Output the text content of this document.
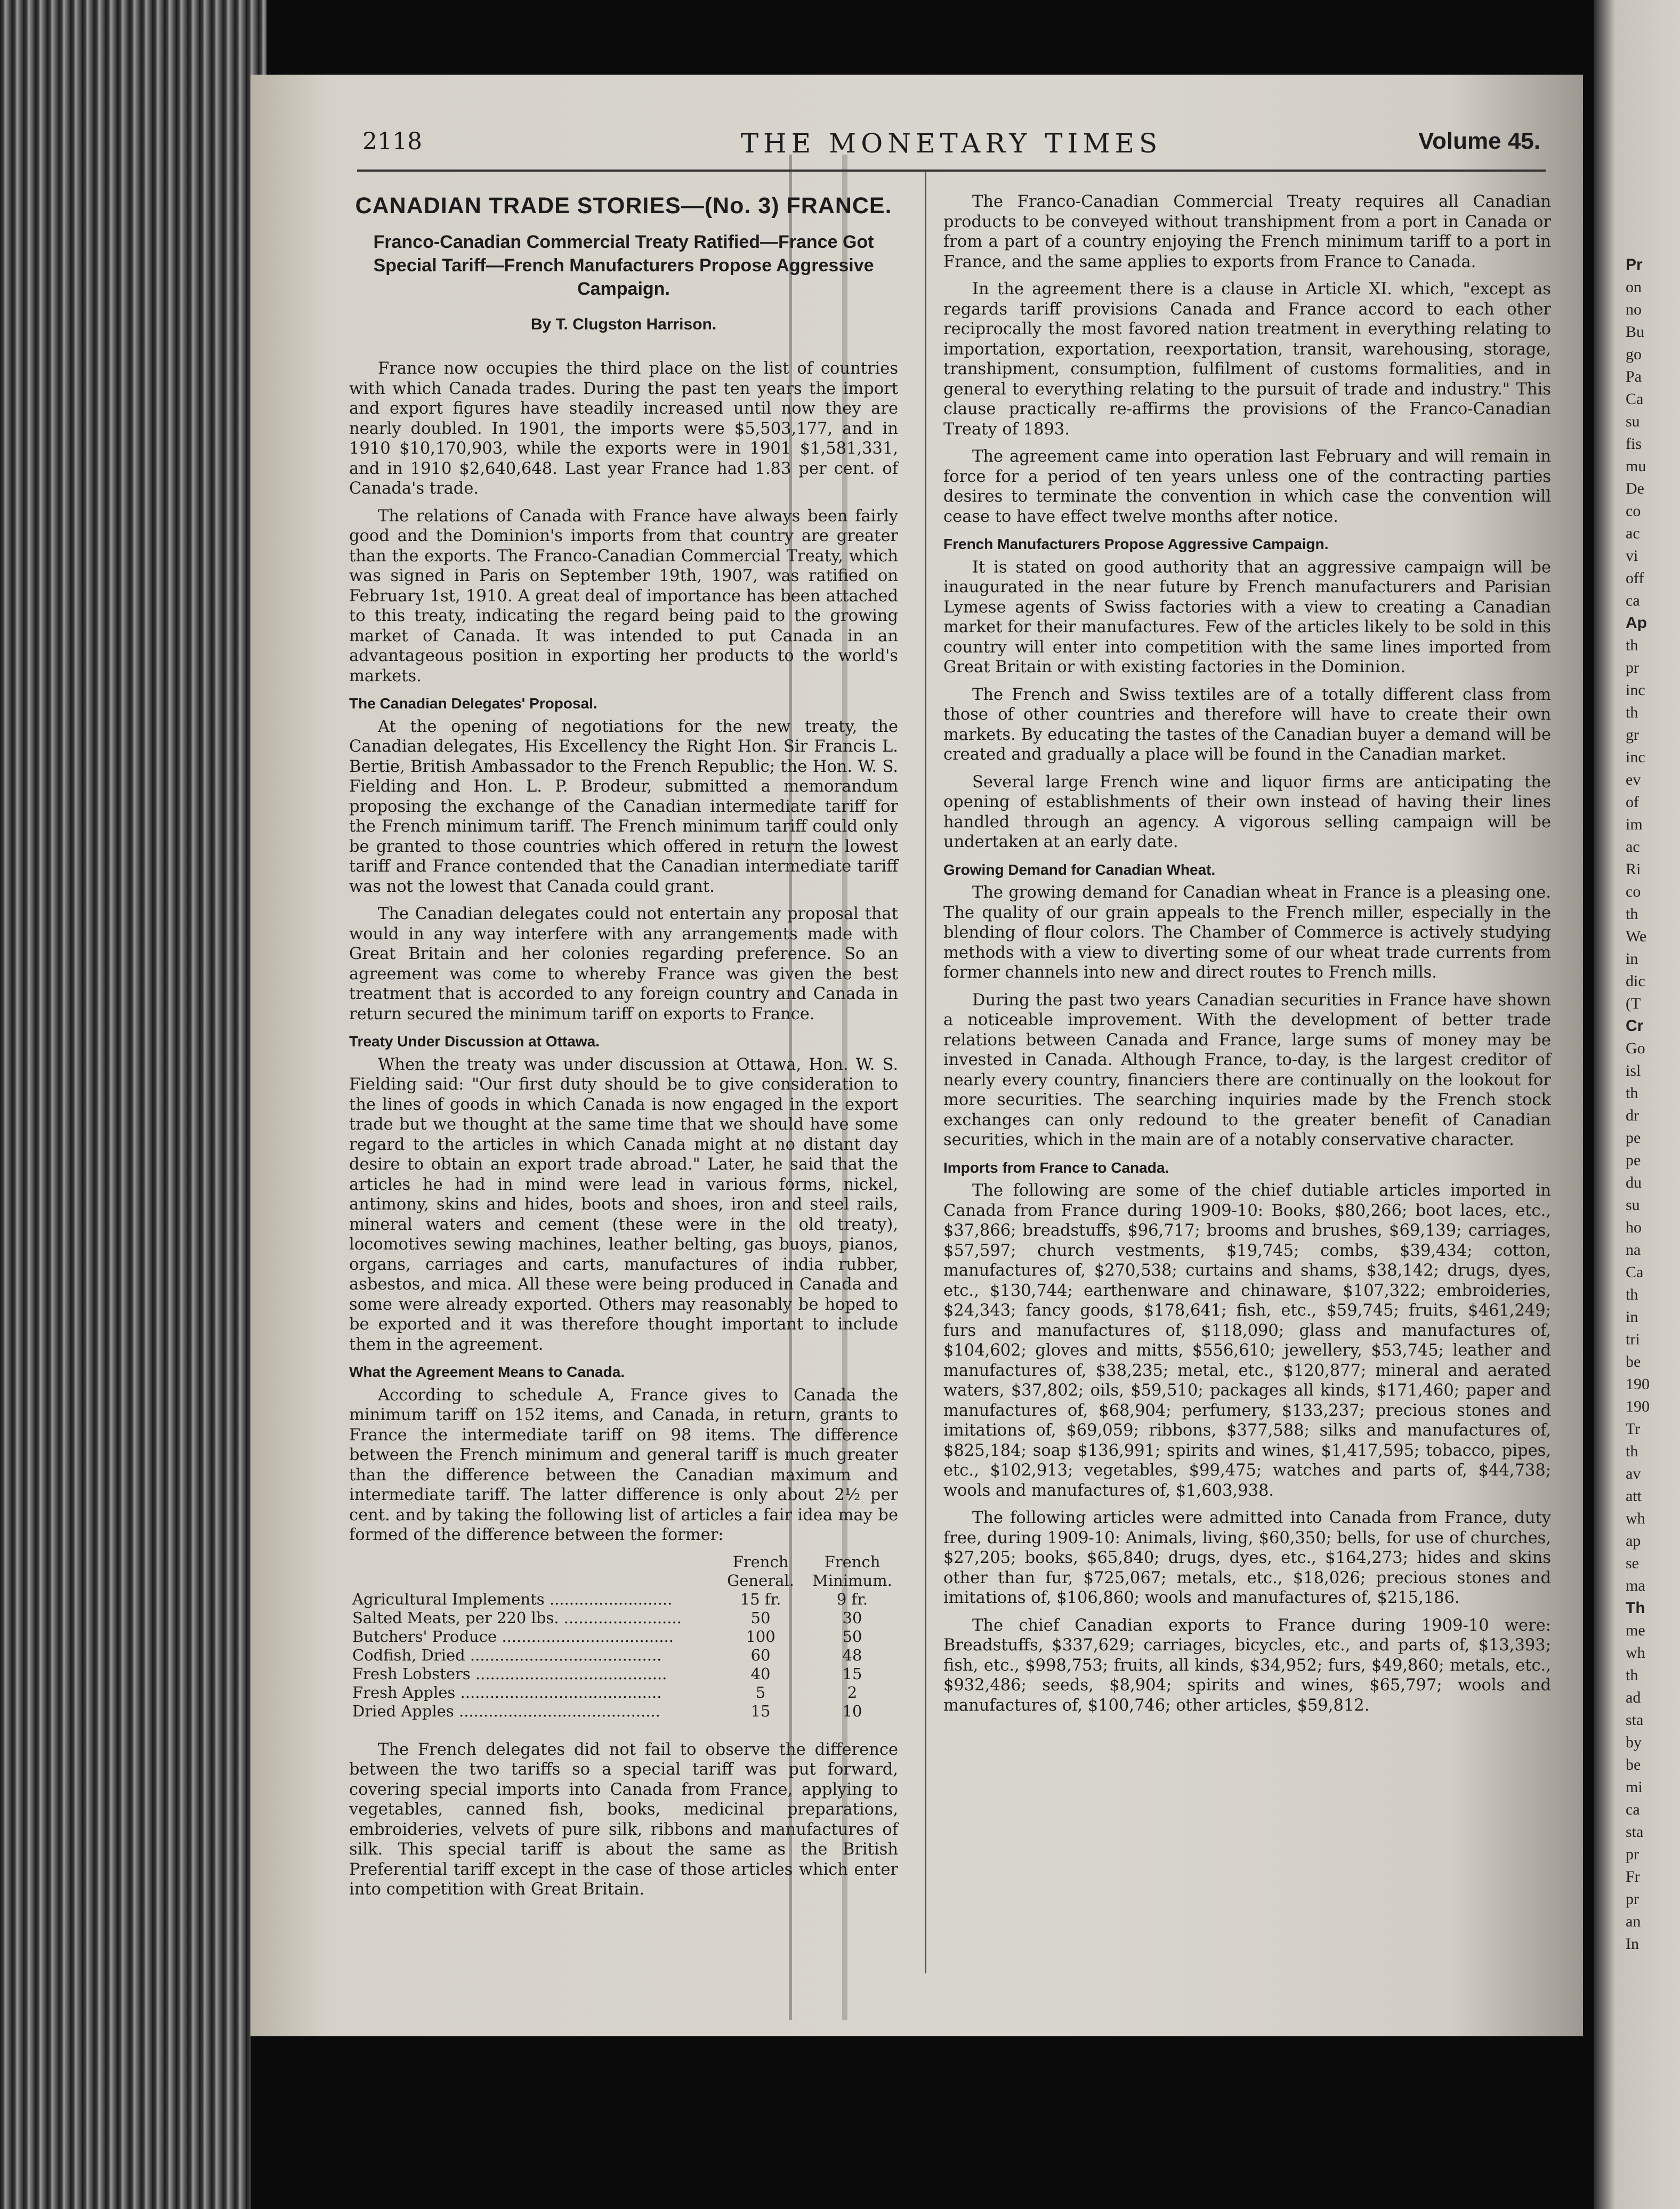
2118	THE MONETARY TIMES	Volume 45.
CANADIAN TRADE STORIES—(No. 3) FRANCE.
Franco-Canadian Commercial Treaty Ratified—France Got Special Tariff—French Manufacturers Propose Aggressive Campaign.
By T. Clugston Harrison.

France now occupies the third place on the list of countries with which Canada trades. During the past ten years the import and export figures have steadily increased until now they are nearly doubled. In 1901, the imports were $5,503,177, and in 1910 $10,170,903, while the exports were in 1901 $1,581,331, and in 1910 $2,640,648. Last year France had 1.83 per cent. of Canada's trade.

The relations of Canada with France have always been fairly good and the Dominion's imports from that country are greater than the exports. The Franco-Canadian Commercial Treaty, which was signed in Paris on September 19th, 1907, was ratified on February 1st, 1910. A great deal of importance has been attached to this treaty, indicating the regard being paid to the growing market of Canada. It was intended to put Canada in an advantageous position in exporting her products to the world's markets.

The Canadian Delegates' Proposal.

At the opening of negotiations for the new treaty, the Canadian delegates, His Excellency the Right Hon. Sir Francis L. Bertie, British Ambassador to the French Republic; the Hon. W. S. Fielding and Hon. L. P. Brodeur, submitted a memorandum proposing the exchange of the Canadian intermediate tariff for the French minimum tariff. The French minimum tariff could only be granted to those countries which offered in return the lowest tariff and France contended that the Canadian intermediate tariff was not the lowest that Canada could grant.

The Canadian delegates could not entertain any proposal that would in any way interfere with any arrangements made with Great Britain and her colonies regarding preference. So an agreement was come to whereby France was given the best treatment that is accorded to any foreign country and Canada in return secured the minimum tariff on exports to France.

Treaty Under Discussion at Ottawa.

When the treaty was under discussion at Ottawa, Hon. W. S. Fielding said: "Our first duty should be to give consideration to the lines of goods in which Canada is now engaged in the export trade but we thought at the same time that we should have some regard to the articles in which Canada might at no distant day desire to obtain an export trade abroad." Later, he said that the articles he had in mind were lead in various forms, nickel, antimony, skins and hides, boots and shoes, iron and steel rails, mineral waters and cement (these were in the old treaty), locomotives sewing machines, leather belting, gas buoys, pianos, organs, carriages and carts, manufactures of india rubber, asbestos, and mica. All these were being produced in Canada and some were already exported. Others may reasonably be hoped to be exported and it was therefore thought important to include them in the agreement.

What the Agreement Means to Canada.

According to schedule A, France gives to Canada the minimum tariff on 152 items, and Canada, in return, grants to France the intermediate tariff on 98 items. The difference between the French minimum and general tariff is much greater than the difference between the Canadian maximum and intermediate tariff. The latter difference is only about 2½ per cent. and by taking the following list of articles a fair idea may be formed of the difference between the former:

	French General.	French Minimum.
Agricultural Implements .........................	15 fr.	9 fr.
Salted Meats, per 220 lbs. ........................	50	30
Butchers' Produce ...................................	100	50
Codfish, Dried .......................................	60	48
Fresh Lobsters .......................................	40	15
Fresh Apples .........................................	5	2
Dried Apples .........................................	15	10

The French delegates did not fail to observe the difference between the two tariffs so a special tariff was put forward, covering special imports into Canada from France, applying to vegetables, canned fish, books, medicinal preparations, embroideries, velvets of pure silk, ribbons and manufactures of silk. This special tariff is about the same as the British Preferential tariff except in the case of those articles which enter into competition with Great Britain.

The Franco-Canadian Commercial Treaty requires all Canadian products to be conveyed without transhipment from a port in Canada or from a part of a country enjoying the French minimum tariff to a port in France, and the same applies to exports from France to Canada.

In the agreement there is a clause in Article XI. which, "except as regards tariff provisions Canada and France accord to each other reciprocally the most favored nation treatment in everything relating to importation, exportation, reexportation, transit, warehousing, storage, transhipment, consumption, fulfilment of customs formalities, and in general to everything relating to the pursuit of trade and industry." This clause practically re-affirms the provisions of the Franco-Canadian Treaty of 1893.

The agreement came into operation last February and will remain in force for a period of ten years unless one of the contracting parties desires to terminate the convention in which case the convention will cease to have effect twelve months after notice.

French Manufacturers Propose Aggressive Campaign.

It is stated on good authority that an aggressive campaign will be inaugurated in the near future by French manufacturers and Parisian Lymese agents of Swiss factories with a view to creating a Canadian market for their manufactures. Few of the articles likely to be sold in this country will enter into competition with the same lines imported from Great Britain or with existing factories in the Dominion.

The French and Swiss textiles are of a totally different class from those of other countries and therefore will have to create their own markets. By educating the tastes of the Canadian buyer a demand will be created and gradually a place will be found in the Canadian market.

Several large French wine and liquor firms are anticipating the opening of establishments of their own instead of having their lines handled through an agency. A vigorous selling campaign will be undertaken at an early date.

Growing Demand for Canadian Wheat.

The growing demand for Canadian wheat in France is a pleasing one. The quality of our grain appeals to the French miller, especially in the blending of flour colors. The Chamber of Commerce is actively studying methods with a view to diverting some of our wheat trade currents from former channels into new and direct routes to French mills.

During the past two years Canadian securities in France have shown a noticeable improvement. With the development of better trade relations between Canada and France, large sums of money may be invested in Canada. Although France, to-day, is the largest creditor of nearly every country, financiers there are continually on the lookout for more securities. The searching inquiries made by the French stock exchanges can only redound to the greater benefit of Canadian securities, which in the main are of a notably conservative character.

Imports from France to Canada.

The following are some of the chief dutiable articles imported in Canada from France during 1909-10: Books, $80,266; boot laces, etc., $37,866; breadstuffs, $96,717; brooms and brushes, $69,139; carriages, $57,597; church vestments, $19,745; combs, $39,434; cotton, manufactures of, $270,538; curtains and shams, $38,142; drugs, dyes, etc., $130,744; earthenware and chinaware, $107,322; embroideries, $24,343; fancy goods, $178,641; fish, etc., $59,745; fruits, $461,249; furs and manufactures of, $118,090; glass and manufactures of, $104,602; gloves and mitts, $556,610; jewellery, $53,745; leather and manufactures of, $38,235; metal, etc., $120,877; mineral and aerated waters, $37,802; oils, $59,510; packages all kinds, $171,460; paper and manufactures of, $68,904; perfumery, $133,237; precious stones and imitations of, $69,059; ribbons, $377,588; silks and manufactures of, $825,184; soap $136,991; spirits and wines, $1,417,595; tobacco, pipes, etc., $102,913; vegetables, $99,475; watches and parts of, $44,738; wools and manufactures of, $1,603,938.

The following articles were admitted into Canada from France, duty free, during 1909-10: Animals, living, $60,350; bells, for use of churches, $27,205; books, $65,840; drugs, dyes, etc., $164,273; hides and skins other than fur, $725,067; metals, etc., $18,026; precious stones and imitations of, $106,860; wools and manufactures of, $215,186.

The chief Canadian exports to France during 1909-10 were: Breadstuffs, $337,629; carriages, bicycles, etc., and parts of, $13,393; fish, etc., $998,753; fruits, all kinds, $34,952; furs, $49,860; metals, etc., $932,486; seeds, $8,904; spirits and wines, $65,797; wools and manufactures of, $100,746; other articles, $59,812.

Pr
on
no
Bu
go
Pa
Ca
su
fis
mu
De
co
ac
vi
off
ca
Ap
th
pr
inc
th
gr
inc
ev
of
im
ac
Ri
co
th
We
in
dic
(T
Cr
Go
isl
th
dr
pe
pe
du
su
ho
na
Ca
th
in
tri
be
190
190
Tr
th
av
att
wh
ap
se
ma
Th
me
wh
th
ad
sta
by
be
mi
ca
sta
pr
Fr
pr
an
In
